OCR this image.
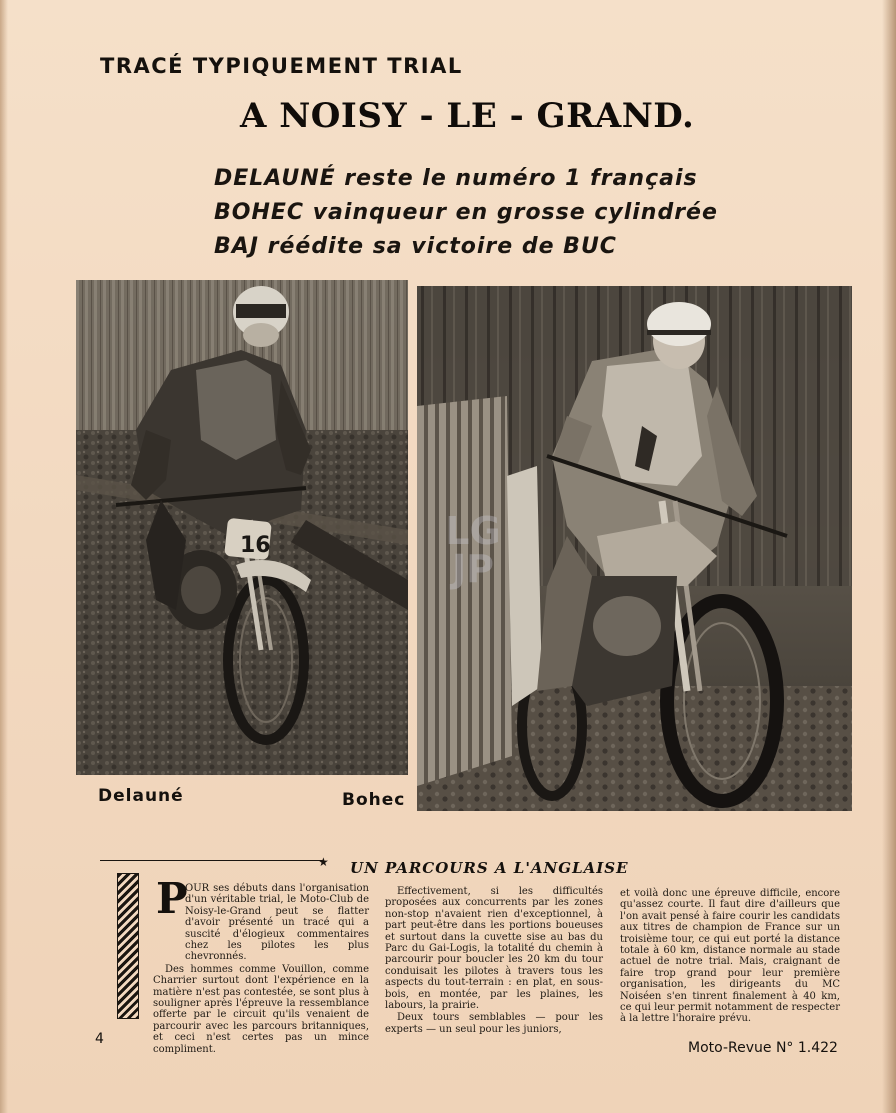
TRACÉ TYPIQUEMENT TRIAL
A NOISY - LE - GRAND.
DELAUNÉ reste le numéro 1 français
BOHEC vainqueur en grosse cylindrée
BAJ réédite sa victoire de BUC
16	LG JP
Delauné	Bohec
★ UN PARCOURS A L'ANGLAISE
P

OUR ses débuts dans l'organisation d'un véritable trial, le Moto-Club de Noisy-le-Grand peut se flatter d'avoir présenté un tracé qui a suscité d'élogieux commentaires chez les pilotes les plus chevronnés.

Des hommes comme Vouillon, comme Charrier surtout dont l'expérience en la matière n'est pas contestée, se sont plus à souligner après l'épreuve la ressemblance offerte par le circuit qu'ils venaient de parcourir avec les parcours britanniques, et ceci n'est certes pas un mince compliment.

Effectivement, si les difficultés proposées aux concurrents par les zones non-stop n'avaient rien d'exceptionnel, à part peut-être dans les portions boueuses et surtout dans la cuvette sise au bas du Parc du Gai-Logis, la totalité du chemin à parcourir pour boucler les 20 km du tour conduisait les pilotes à travers tous les aspects du tout-terrain : en plat, en sous-bois, en montée, par les plaines, les labours, la prairie.

Deux tours semblables — pour les experts — un seul pour les juniors,

et voilà donc une épreuve difficile, encore qu'assez courte. Il faut dire d'ailleurs que l'on avait pensé à faire courir les candidats aux titres de champion de France sur un troisième tour, ce qui eut porté la distance totale à 60 km, distance normale au stade actuel de notre trial. Mais, craignant de faire trop grand pour leur première organisation, les dirigeants du MC Noiséen s'en tinrent finalement à 40 km, ce qui leur permit notamment de respecter à la lettre l'horaire prévu.

4
Moto-Revue N° 1.422
